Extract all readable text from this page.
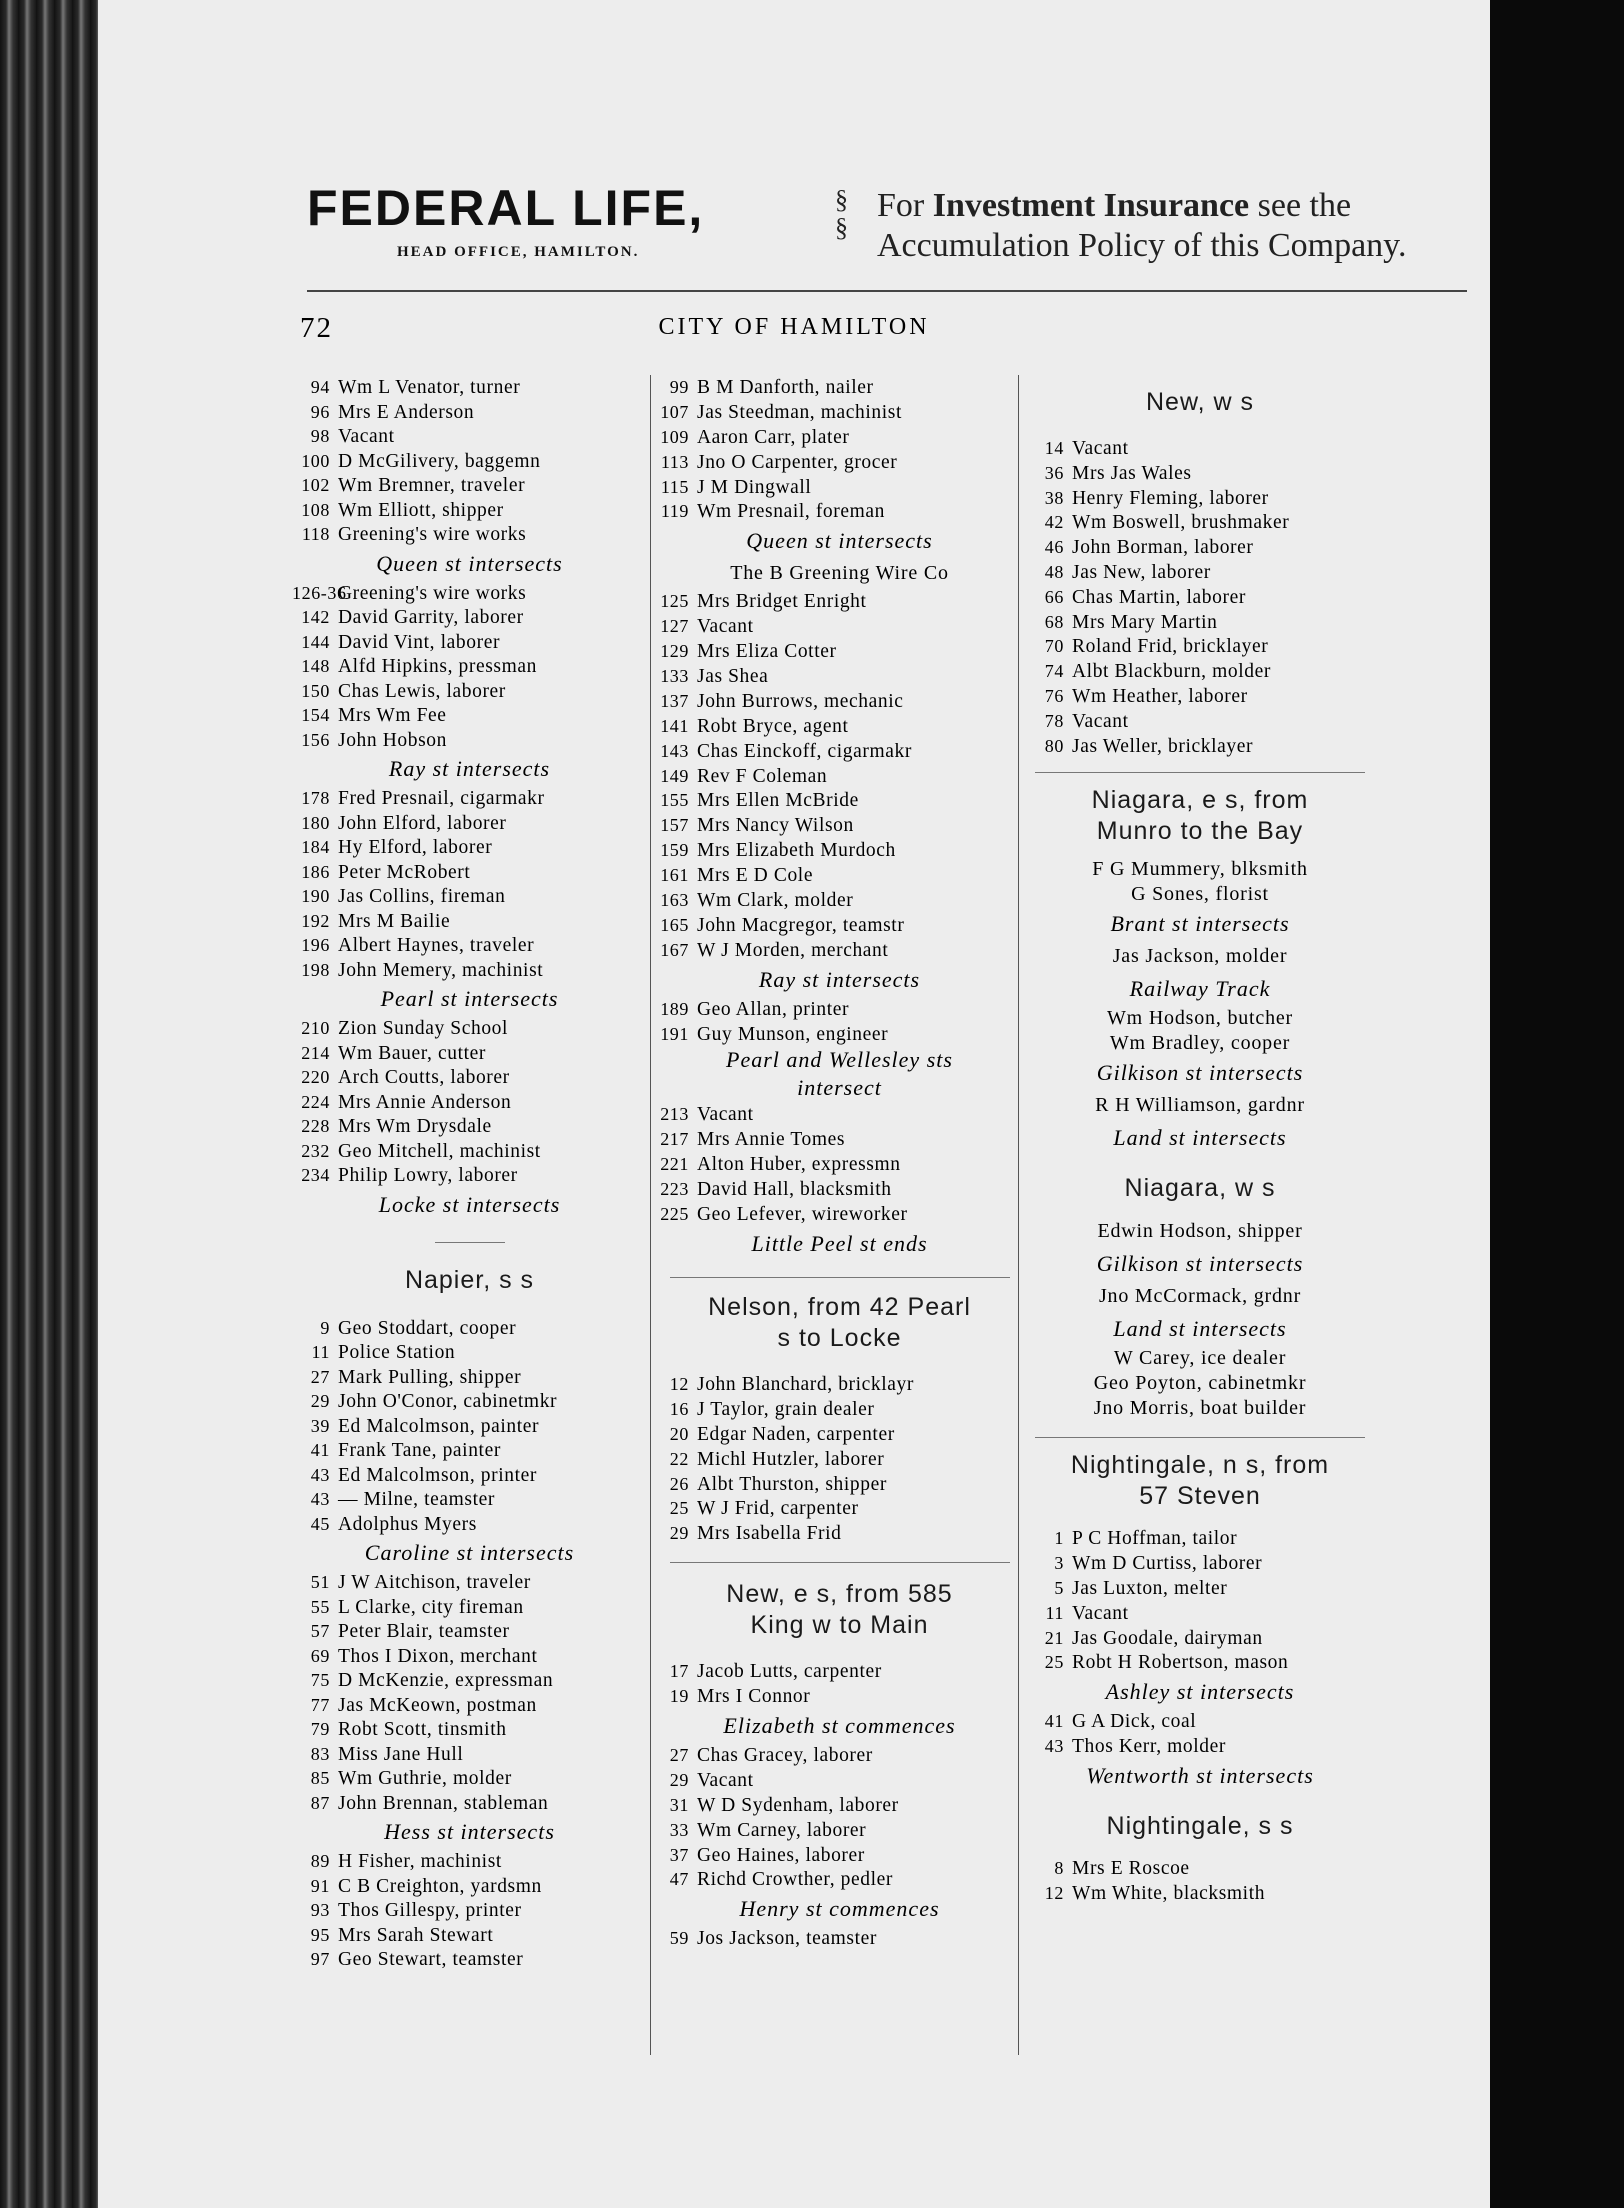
FEDERAL LIFE,
HEAD OFFICE, HAMILTON.
§
§
For Investment Insurance see the
Accumulation Policy of this Company.
72	CITY OF HAMILTON
94 Wm L Venator, turner
96 Mrs E Anderson
98 Vacant
100 D McGilivery, baggemn
102 Wm Bremner, traveler
108 Wm Elliott, shipper
118 Greening's wire works
Queen st intersects
126-36
Greening's wire works
142 David Garrity, laborer
144 David Vint, laborer
148 Alfd Hipkins, pressman
150 Chas Lewis, laborer
154 Mrs Wm Fee
156 John Hobson
Ray st intersects
178 Fred Presnail, cigarmakr
180 John Elford, laborer
184 Hy Elford, laborer
186 Peter McRobert
190 Jas Collins, fireman
192 Mrs M Bailie
196 Albert Haynes, traveler
198 John Memery, machinist
Pearl st intersects
210 Zion Sunday School
214 Wm Bauer, cutter
220 Arch Coutts, laborer
224 Mrs Annie Anderson
228 Mrs Wm Drysdale
232 Geo Mitchell, machinist
234 Philip Lowry, laborer
Locke st intersects
Napier, s s
9 Geo Stoddart, cooper
11 Police Station
27 Mark Pulling, shipper
29 John O'Conor, cabinetmkr
39 Ed Malcolmson, painter
41 Frank Tane, painter
43 Ed Malcolmson, printer
43 — Milne, teamster
45 Adolphus Myers
Caroline st intersects
51 J W Aitchison, traveler
55 L Clarke, city fireman
57 Peter Blair, teamster
69 Thos I Dixon, merchant
75 D McKenzie, expressman
77 Jas McKeown, postman
79 Robt Scott, tinsmith
83 Miss Jane Hull
85 Wm Guthrie, molder
87 John Brennan, stableman
Hess st intersects
89 H Fisher, machinist
91 C B Creighton, yardsmn
93 Thos Gillespy, printer
95 Mrs Sarah Stewart
97 Geo Stewart, teamster
99 B M Danforth, nailer
107 Jas Steedman, machinist
109 Aaron Carr, plater
113 Jno O Carpenter, grocer
115 J M Dingwall
119 Wm Presnail, foreman
Queen st intersects
The B Greening Wire Co
125 Mrs Bridget Enright
127 Vacant
129 Mrs Eliza Cotter
133 Jas Shea
137 John Burrows, mechanic
141 Robt Bryce, agent
143 Chas Einckoff, cigarmakr
149 Rev F Coleman
155 Mrs Ellen McBride
157 Mrs Nancy Wilson
159 Mrs Elizabeth Murdoch
161 Mrs E D Cole
163 Wm Clark, molder
165 John Macgregor, teamstr
167 W J Morden, merchant
Ray st intersects
189 Geo Allan, printer
191 Guy Munson, engineer
Pearl and Wellesley sts
intersect
213 Vacant
217 Mrs Annie Tomes
221 Alton Huber, expressmn
223 David Hall, blacksmith
225 Geo Lefever, wireworker
Little Peel st ends
Nelson, from 42 Pearl
s to Locke
12 John Blanchard, bricklayr
16 J Taylor, grain dealer
20 Edgar Naden, carpenter
22 Michl Hutzler, laborer
26 Albt Thurston, shipper
25 W J Frid, carpenter
29 Mrs Isabella Frid
New, e s, from 585
King w to Main
17 Jacob Lutts, carpenter
19 Mrs I Connor
Elizabeth st commences
27 Chas Gracey, laborer
29 Vacant
31 W D Sydenham, laborer
33 Wm Carney, laborer
37 Geo Haines, laborer
47 Richd Crowther, pedler
Henry st commences
59 Jos Jackson, teamster
New, w s
14 Vacant
36 Mrs Jas Wales
38 Henry Fleming, laborer
42 Wm Boswell, brushmaker
46 John Borman, laborer
48 Jas New, laborer
66 Chas Martin, laborer
68 Mrs Mary Martin
70 Roland Frid, bricklayer
74 Albt Blackburn, molder
76 Wm Heather, laborer
78 Vacant
80 Jas Weller, bricklayer
Niagara, e s, from
Munro to the Bay
F G Mummery, blksmith
G Sones, florist
Brant st intersects
Jas Jackson, molder
Railway Track
Wm Hodson, butcher
Wm Bradley, cooper
Gilkison st intersects
R H Williamson, gardnr
Land st intersects
Niagara, w s
Edwin Hodson, shipper
Gilkison st intersects
Jno McCormack, grdnr
Land st intersects
W Carey, ice dealer
Geo Poyton, cabinetmkr
Jno Morris, boat builder
Nightingale, n s, from
57 Steven
1 P C Hoffman, tailor
3 Wm D Curtiss, laborer
5 Jas Luxton, melter
11 Vacant
21 Jas Goodale, dairyman
25 Robt H Robertson, mason
Ashley st intersects
41 G A Dick, coal
43 Thos Kerr, molder
Wentworth st intersects
Nightingale, s s
8 Mrs E Roscoe
12 Wm White, blacksmith
